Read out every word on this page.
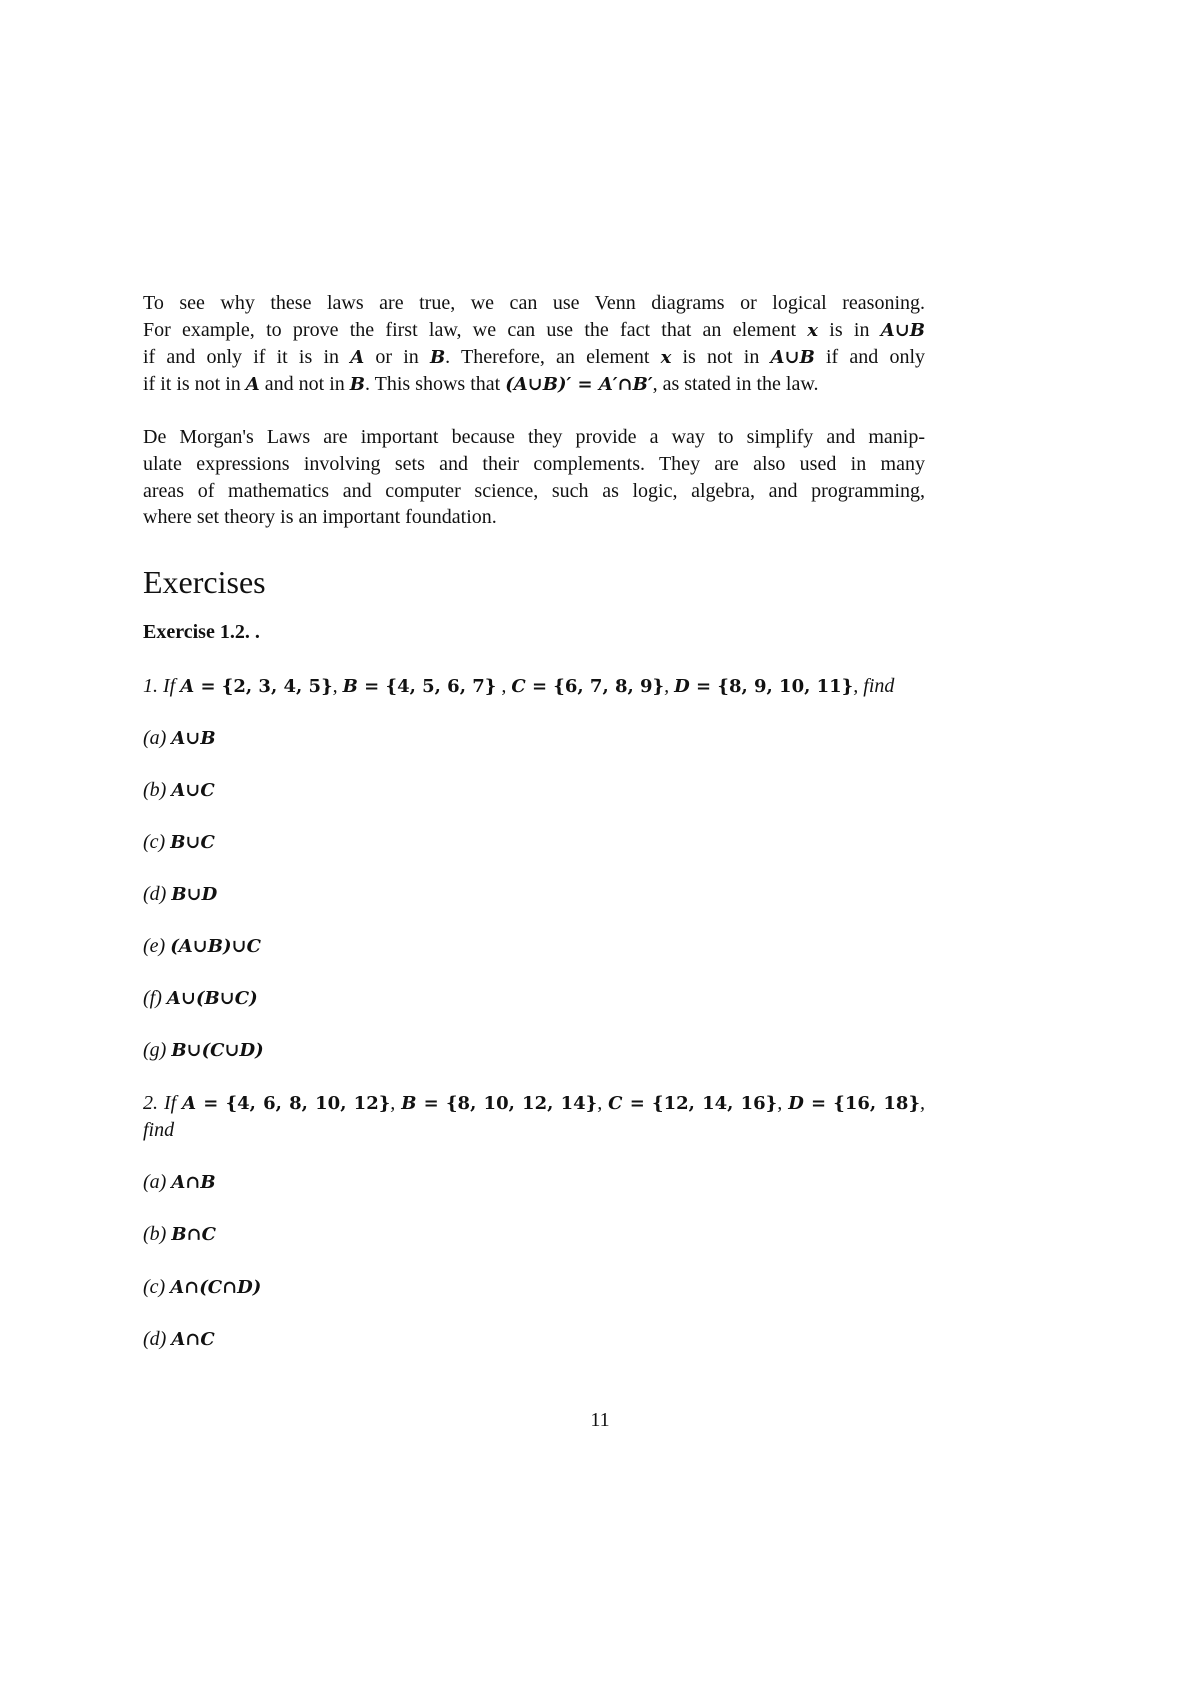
To see why these laws are true, we can use Venn diagrams or logical reasoning.
For example, to prove the first law, we can use the fact that an element x is in A∪B
if and only if it is in A or in B. Therefore, an element x is not in A∪B if and only
if it is not in A and not in B. This shows that (A∪B)′ = A′∩B′, as stated in the law.
De Morgan's Laws are important because they provide a way to simplify and manip-
ulate expressions involving sets and their complements. They are also used in many
areas of mathematics and computer science, such as logic, algebra, and programming,
where set theory is an important foundation.
Exercises
Exercise 1.2. .
1. If A = {2, 3, 4, 5}, B = {4, 5, 6, 7} , C = {6, 7, 8, 9}, D = {8, 9, 10, 11}, find
(a) A∪B
(b) A∪C
(c) B∪C
(d) B∪D
(e) (A∪B)∪C
(f) A∪(B∪C)
(g) B∪(C∪D)
2. If A = {4, 6, 8, 10, 12}, B = {8, 10, 12, 14}, C = {12, 14, 16}, D = {16, 18},
find
(a) A∩B
(b) B∩C
(c) A∩(C∩D)
(d) A∩C
11
